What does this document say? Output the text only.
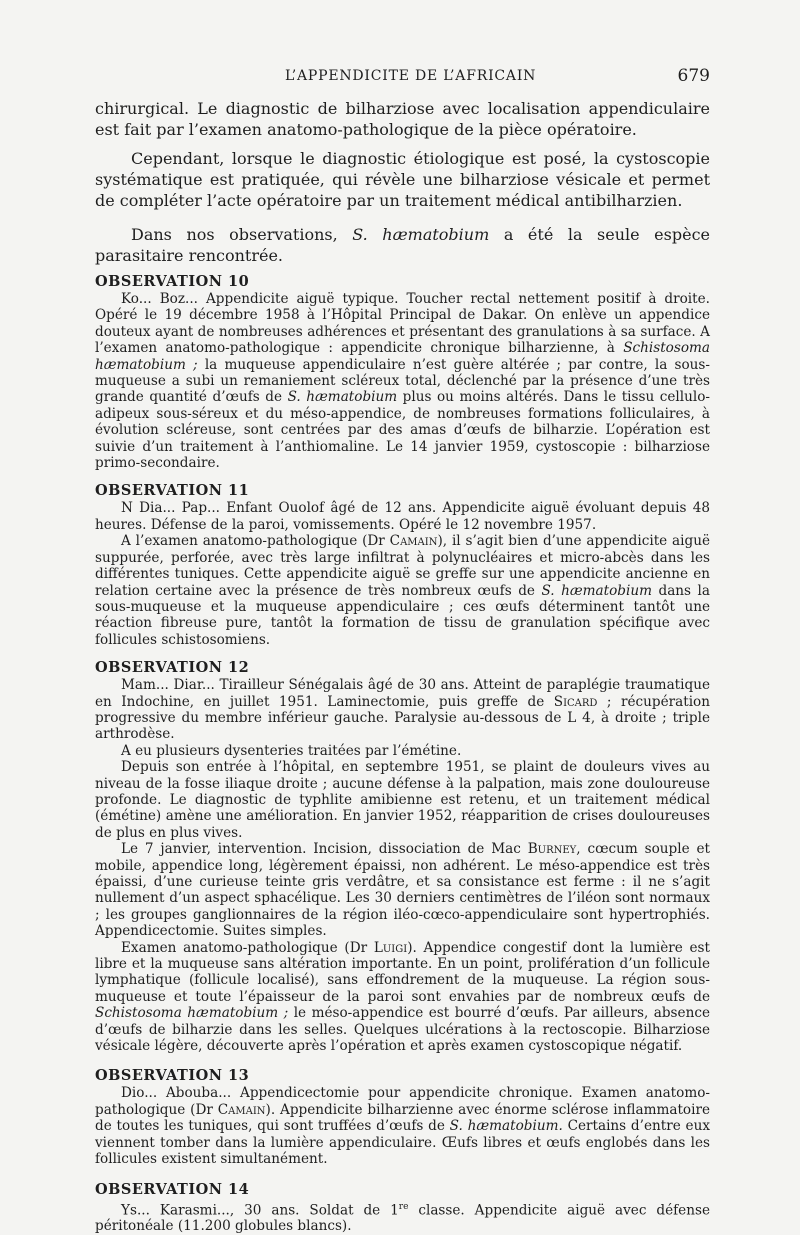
L’APPENDICITE DE L’AFRICAIN	679

chirurgical. Le diagnostic de bilharziose avec localisation appendiculaire est fait par l’examen anatomo-pathologique de la pièce opératoire.

Cependant, lorsque le diagnostic étiologique est posé, la cystoscopie systématique est pratiquée, qui révèle une bilharziose vésicale et permet de compléter l’acte opératoire par un traitement médical antibilharzien.

Dans nos observations, S. hæmatobium a été la seule espèce parasitaire rencontrée.

OBSERVATION 10

Ko... Boz... Appendicite aiguë typique. Toucher rectal nettement positif à droite. Opéré le 19 décembre 1958 à l’Hôpital Principal de Dakar. On enlève un appendice douteux ayant de nombreuses adhérences et présentant des granulations à sa surface. A l’examen anatomo-pathologique : appendicite chronique bilharzienne, à Schistosoma hæmatobium ; la muqueuse appendiculaire n’est guère altérée ; par contre, la sous-muqueuse a subi un remaniement scléreux total, déclenché par la présence d’une très grande quantité d’œufs de S. hæmatobium plus ou moins altérés. Dans le tissu cellulo-adipeux sous-séreux et du méso-appendice, de nombreuses formations folliculaires, à évolution scléreuse, sont centrées par des amas d’œufs de bilharzie. L’opération est suivie d’un traitement à l’anthiomaline. Le 14 janvier 1959, cystoscopie : bilharziose primo-secondaire.

OBSERVATION 11

N Dia... Pap... Enfant Ouolof âgé de 12 ans. Appendicite aiguë évoluant depuis 48 heures. Défense de la paroi, vomissements. Opéré le 12 novembre 1957.

A l’examen anatomo-pathologique (Dr Camain), il s’agit bien d’une appendicite aiguë suppurée, perforée, avec très large infiltrat à polynucléaires et micro-abcès dans les différentes tuniques. Cette appendicite aiguë se greffe sur une appendicite ancienne en relation certaine avec la présence de très nombreux œufs de S. hæmatobium dans la sous-muqueuse et la muqueuse appendiculaire ; ces œufs déterminent tantôt une réaction fibreuse pure, tantôt la formation de tissu de granulation spécifique avec follicules schistosomiens.

OBSERVATION 12

Mam... Diar... Tirailleur Sénégalais âgé de 30 ans. Atteint de paraplégie traumatique en Indochine, en juillet 1951. Laminectomie, puis greffe de Sicard ; récupération progressive du membre inférieur gauche. Paralysie au-dessous de L 4, à droite ; triple arthrodèse.

A eu plusieurs dysenteries traitées par l’émétine.

Depuis son entrée à l’hôpital, en septembre 1951, se plaint de douleurs vives au niveau de la fosse iliaque droite ; aucune défense à la palpation, mais zone douloureuse profonde. Le diagnostic de typhlite amibienne est retenu, et un traitement médical (émétine) amène une amélioration. En janvier 1952, réapparition de crises douloureuses de plus en plus vives.

Le 7 janvier, intervention. Incision, dissociation de Mac Burney, cœcum souple et mobile, appendice long, légèrement épaissi, non adhérent. Le méso-appendice est très épaissi, d’une curieuse teinte gris verdâtre, et sa consistance est ferme : il ne s’agit nullement d’un aspect sphacélique. Les 30 derniers centimètres de l’iléon sont normaux ; les groupes ganglionnaires de la région iléo-cœco-appendiculaire sont hypertrophiés. Appendicectomie. Suites simples.

Examen anatomo-pathologique (Dr Luigi). Appendice congestif dont la lumière est libre et la muqueuse sans altération importante. En un point, prolifération d’un follicule lymphatique (follicule localisé), sans effondrement de la muqueuse. La région sous-muqueuse et toute l’épaisseur de la paroi sont envahies par de nombreux œufs de Schistosoma hæmatobium ; le méso-appendice est bourré d’œufs. Par ailleurs, absence d’œufs de bilharzie dans les selles. Quelques ulcérations à la rectoscopie. Bilharziose vésicale légère, découverte après l’opération et après examen cystoscopique négatif.

OBSERVATION 13

Dio... Abouba... Appendicectomie pour appendicite chronique. Examen anatomo-pathologique (Dr Camain). Appendicite bilharzienne avec énorme sclérose inflammatoire de toutes les tuniques, qui sont truffées d’œufs de S. hæmatobium. Certains d’entre eux viennent tomber dans la lumière appendiculaire. Œufs libres et œufs englobés dans les follicules existent simultanément.

OBSERVATION 14

Ys... Karasmi..., 30 ans. Soldat de 1re classe. Appendicite aiguë avec défense péritonéale (11.200 globules blancs).
